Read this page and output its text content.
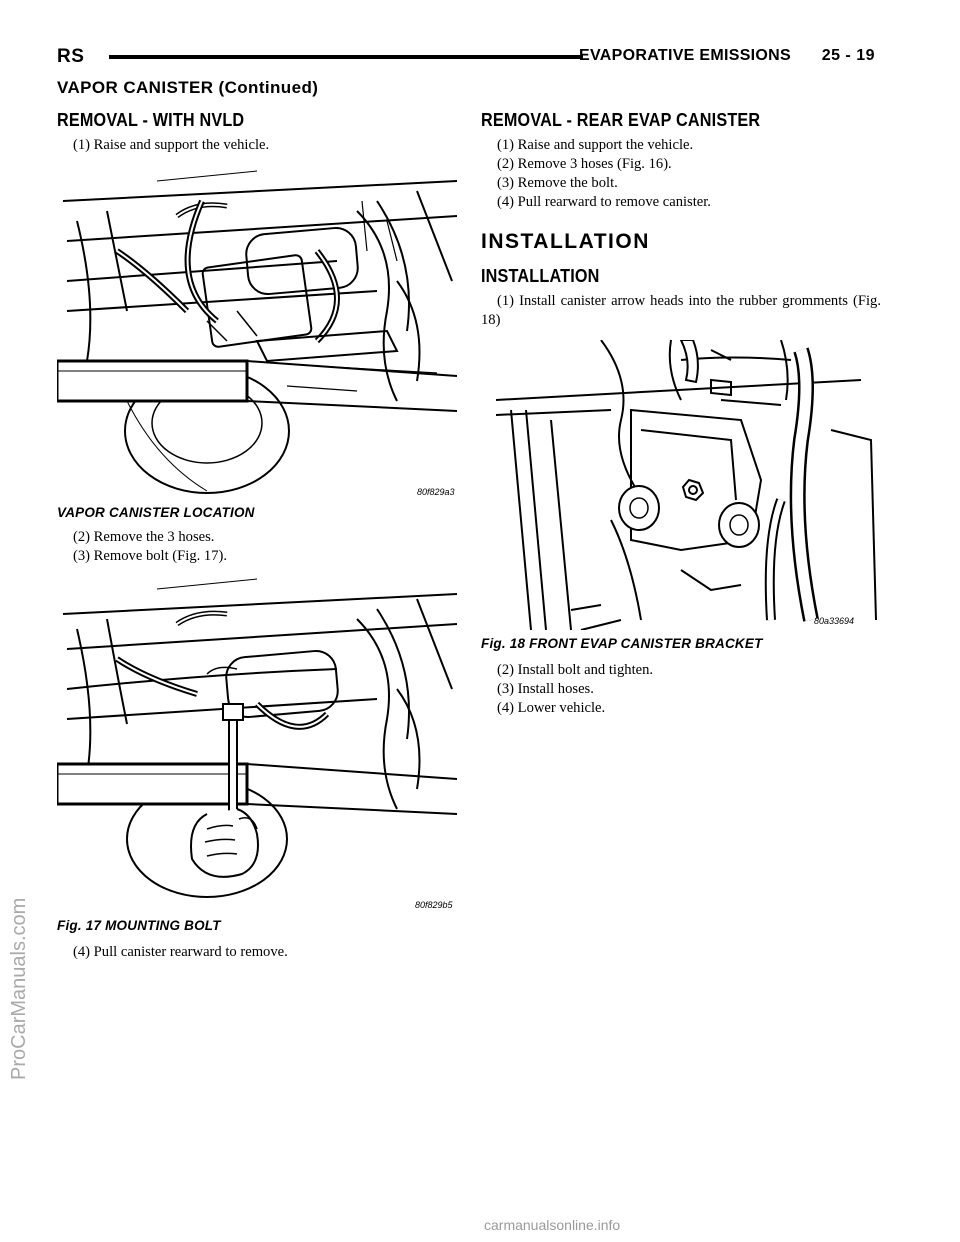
RS	EVAPORATIVE EMISSIONS 25 - 19
VAPOR CANISTER (Continued)
REMOVAL - WITH NVLD

(1) Raise and support the vehicle.

80f829a3
VAPOR CANISTER LOCATION

(2) Remove the 3 hoses.

(3) Remove bolt (Fig. 17).

80f829b5
Fig. 17 MOUNTING BOLT

(4) Pull canister rearward to remove.

REMOVAL - REAR EVAP CANISTER

(1) Raise and support the vehicle.

(2) Remove 3 hoses (Fig. 16).

(3) Remove the bolt.

(4) Pull rearward to remove canister.

INSTALLATION
INSTALLATION

(1) Install canister arrow heads into the rubber gromments (Fig. 18)

80a33694
Fig. 18 FRONT EVAP CANISTER BRACKET

(2) Install bolt and tighten.

(3) Install hoses.

(4) Lower vehicle.

ProCarManuals.com
carmanualsonline.info
